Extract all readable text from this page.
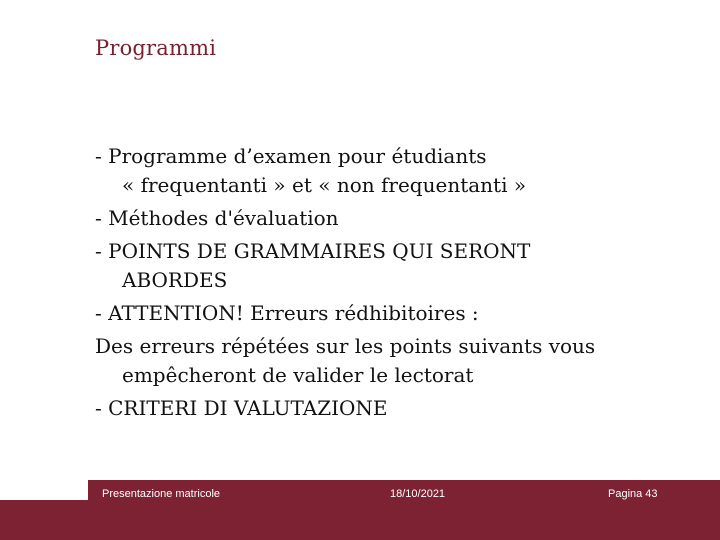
Programmi

- Programme d’examen pour étudiants
« frequentanti » et « non frequentanti »

- Méthodes d'évaluation

- POINTS DE GRAMMAIRES QUI SERONT
ABORDES

- ATTENTION! Erreurs rédhibitoires :

Des erreurs répétées sur les points suivants vous
empêcheront de valider le lectorat

- CRITERI DI VALUTAZIONE

Presentazione matricole	18/10/2021	Pagina 43
